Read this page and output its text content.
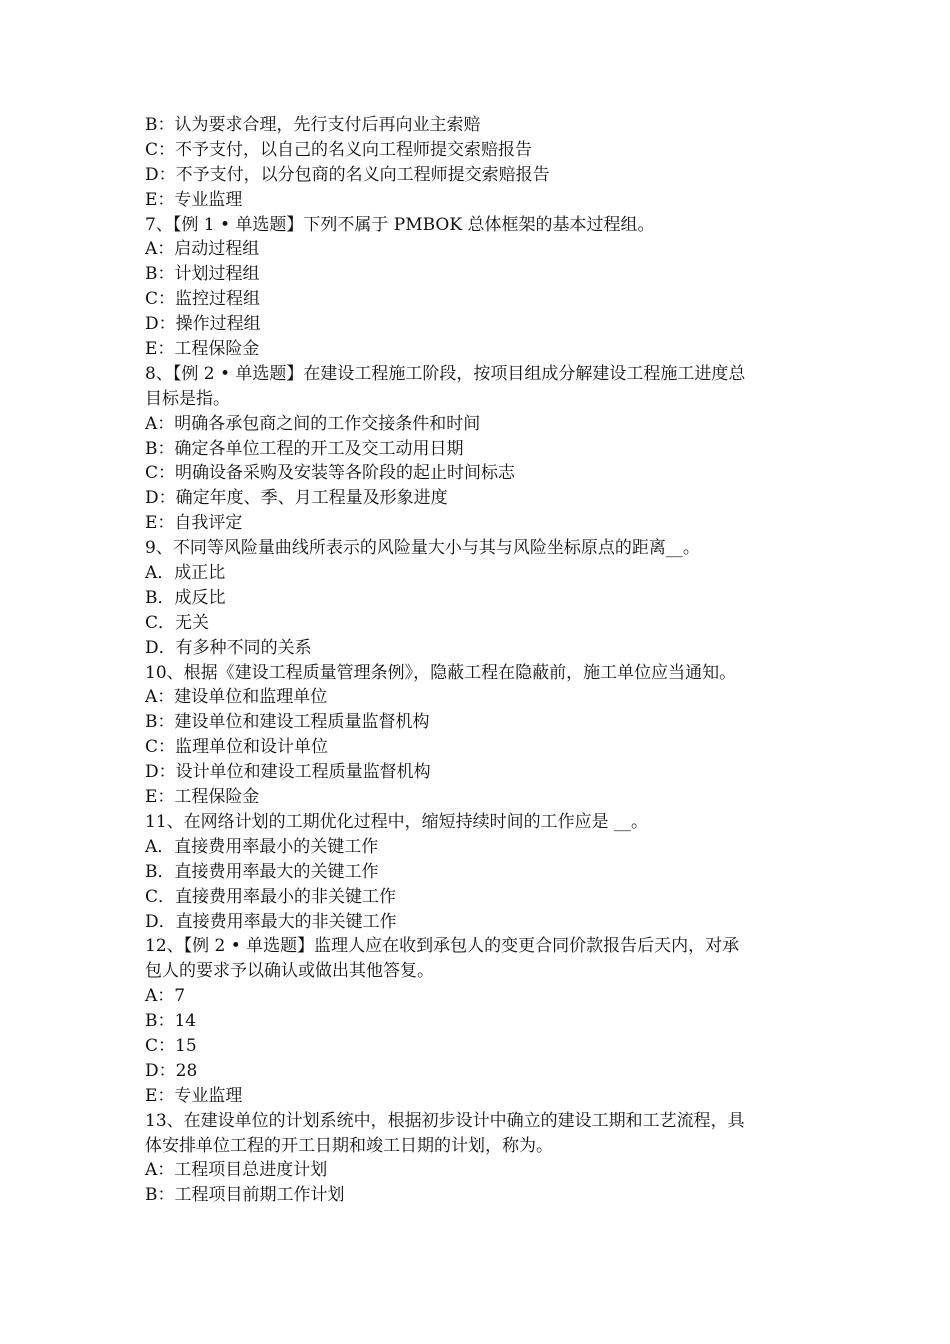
B：认为要求合理，先行支付后再向业主索赔
C：不予支付，以自己的名义向工程师提交索赔报告
D：不予支付，以分包商的名义向工程师提交索赔报告
E：专业监理
7、【例 1 • 单选题】下列不属于 PMBOK 总体框架的基本过程组。
A：启动过程组
B：计划过程组
C：监控过程组
D：操作过程组
E：工程保险金
8、【例 2 • 单选题】在建设工程施工阶段，按项目组成分解建设工程施工进度总
目标是指。
A：明确各承包商之间的工作交接条件和时间
B：确定各单位工程的开工及交工动用日期
C：明确设备采购及安装等各阶段的起止时间标志
D：确定年度、季、月工程量及形象进度
E：自我评定
9、不同等风险量曲线所表示的风险量大小与其与风险坐标原点的距离__。
A．成正比
B．成反比
C．无关
D．有多种不同的关系
10、根据《建设工程质量管理条例》，隐蔽工程在隐蔽前，施工单位应当通知。
A：建设单位和监理单位
B：建设单位和建设工程质量监督机构
C：监理单位和设计单位
D：设计单位和建设工程质量监督机构
E：工程保险金
11、在网络计划的工期优化过程中，缩短持续时间的工作应是 __。
A．直接费用率最小的关键工作
B．直接费用率最大的关键工作
C．直接费用率最小的非关键工作
D．直接费用率最大的非关键工作
12、【例 2 • 单选题】监理人应在收到承包人的变更合同价款报告后天内，对承
包人的要求予以确认或做出其他答复。
A：7
B：14
C：15
D：28
E：专业监理
13、在建设单位的计划系统中，根据初步设计中确立的建设工期和工艺流程，具
体安排单位工程的开工日期和竣工日期的计划，称为。
A：工程项目总进度计划
B：工程项目前期工作计划
